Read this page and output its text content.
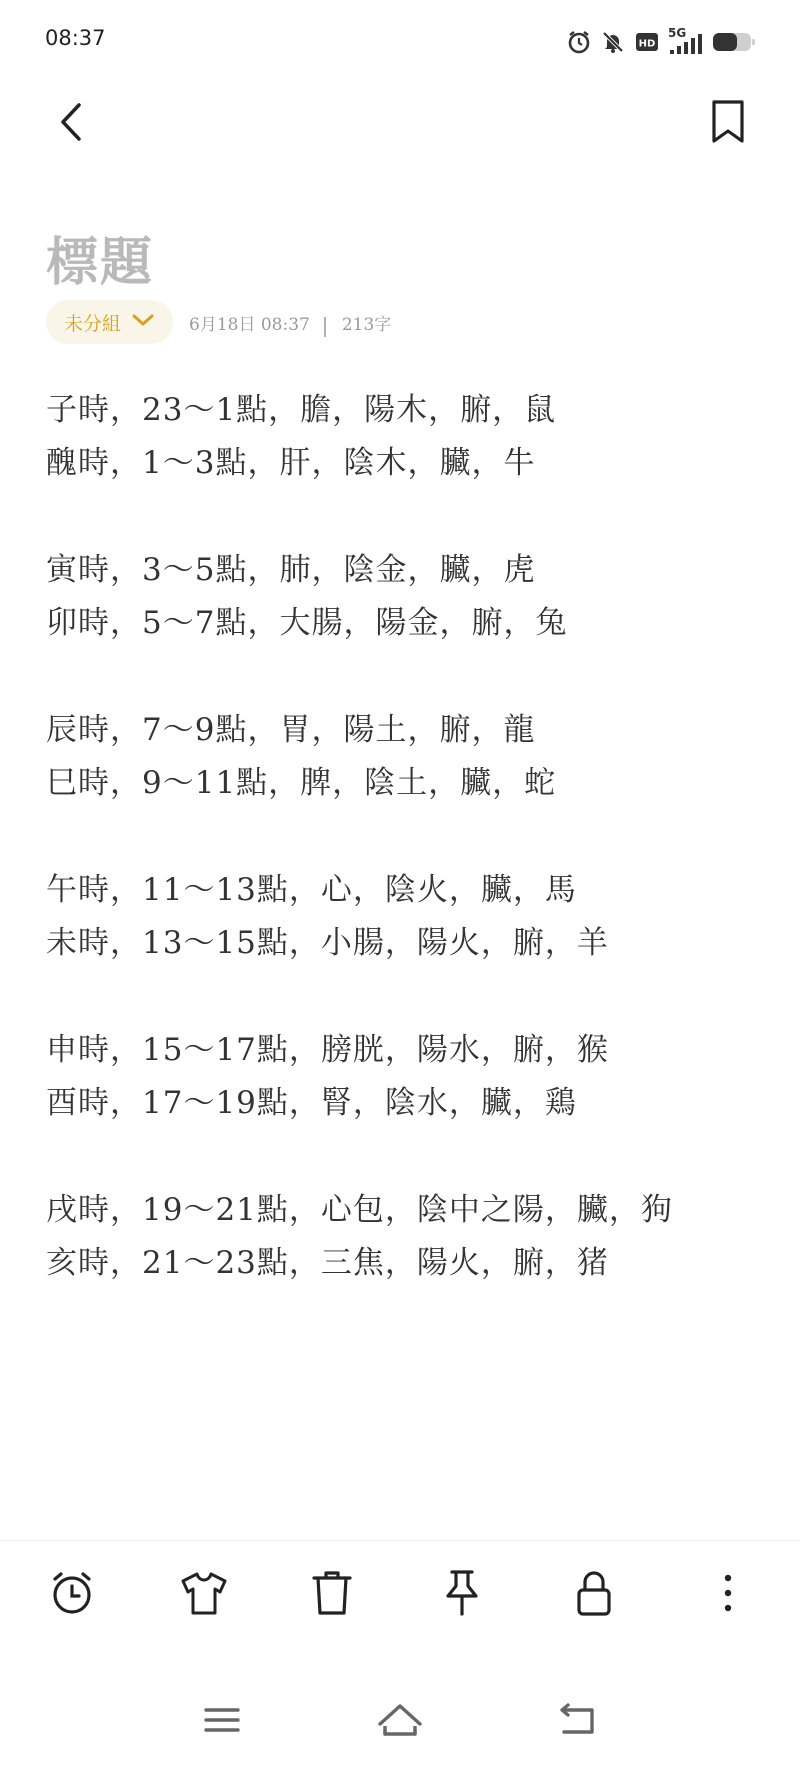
08:37	HD
5G
標題
未分組	6月18日 08:37 213字
子時，23〜1點，膽，陽木，腑，鼠
醜時，1〜3點，肝，陰木，臟，牛
寅時，3〜5點，肺，陰金，臟，虎
卯時，5〜7點，大腸，陽金，腑，兔
辰時，7〜9點，胃，陽土，腑，龍
巳時，9〜11點，脾，陰土，臟，蛇
午時，11〜13點，心，陰火，臟，馬
未時，13〜15點，小腸，陽火，腑，羊
申時，15〜17點，膀胱，陽水，腑，猴
酉時，17〜19點，腎，陰水，臟，鶏
戌時，19〜21點，心包，陰中之陽，臟，狗
亥時，21〜23點，三焦，陽火，腑，猪
